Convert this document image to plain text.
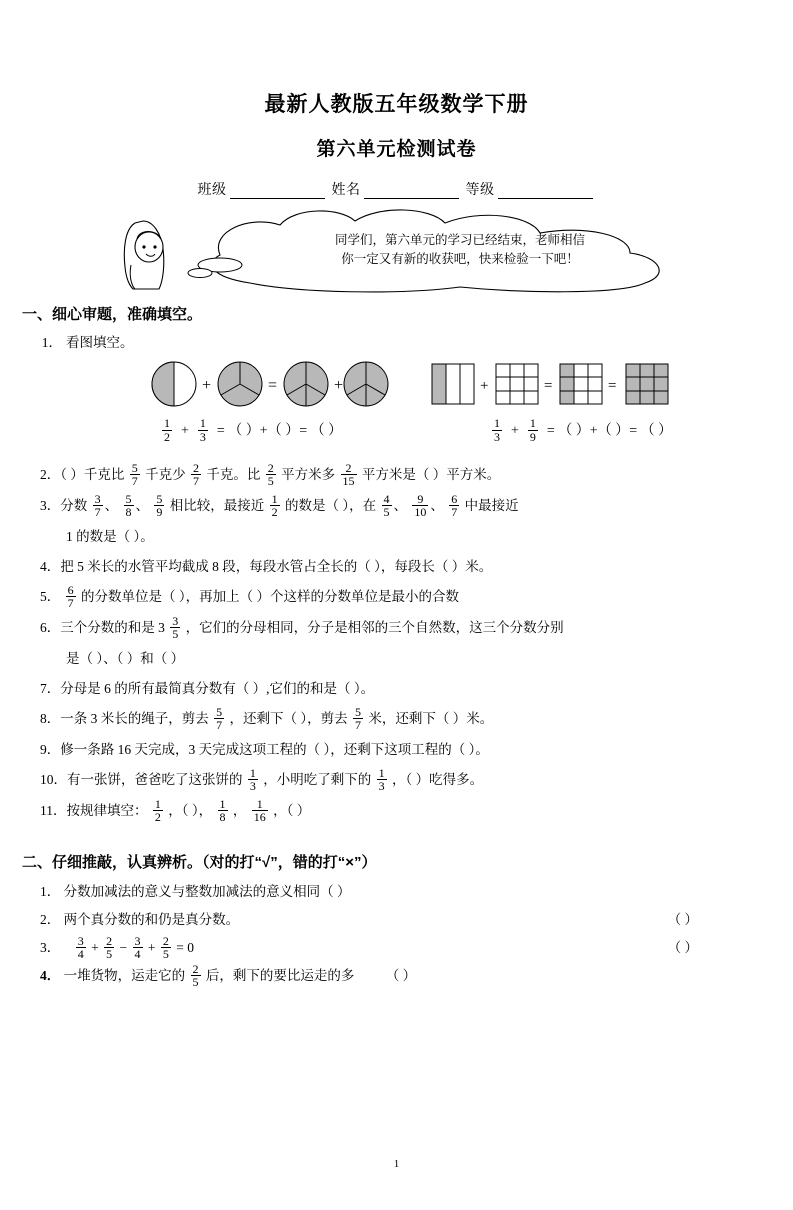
最新人教版五年级数学下册
第六单元检测试卷
班级	姓名	等级
同学们，第六单元的学习已经结束，老师相信
你一定又有新的收获吧，快来检验一下吧！
一、细心审题，准确填空。
1． 看图填空。
+	=	+	+	=	=
$\frac{1}{2} + \frac{1}{3}$ = （ ）+（ ）= （ ）	$\frac{1}{3} + \frac{1}{9}$ = （ ）+（ ）= （ ）
2．（ ）千克比 $\frac{5}{7}$ 千克少 $\frac{2}{7}$ 千克。比 $\frac{2}{5}$ 平方米多 $\frac{2}{15}$ 平方米是（ ）平方米。
3．分数 $\frac{3}{7}$ 、 $\frac{5}{8}$ 、 $\frac{5}{9}$ 相比较，最接近 $\frac{1}{2}$ 的数是（ ），在 $\frac{4}{5}$ 、 $\frac{9}{10}$ 、 $\frac{6}{7}$ 中最接近
1 的数是（ ）。
4．把 5 米长的水管平均截成 8 段，每段水管占全长的（ ），每段长（ ）米。
5． $\frac{6}{7}$ 的分数单位是（ ），再加上（ ）个这样的分数单位是最小的合数
6．三个分数的和是 $3 \frac{3}{5}$ ，它们的分母相同，分子是相邻的三个自然数，这三个分数分别
是（ ）、（ ）和（ ）
7．分母是 6 的所有最简真分数有（ ）,它们的和是（ ）。
8．一条 3 米长的绳子，剪去 $\frac{5}{7}$ ，还剩下（ ），剪去 $\frac{5}{7}$ 米，还剩下（ ）米。
9．修一条路 16 天完成，3 天完成这项工程的（ ），还剩下这项工程的（ ）。
10．有一张饼，爸爸吃了这张饼的 $\frac{1}{3}$ ，小明吃了剩下的 $\frac{1}{3}$ ，（ ）吃得多。
11．按规律填空： $\frac{1}{2}$ ，（ ）， $\frac{1}{8}$ ， $\frac{1}{16}$ ，（ ）
二、仔细推敲，认真辨析。（对的打“√”，错的打“×”）
1． 分数加减法的意义与整数加减法的意义相同（ ）
2． 两个真分数的和仍是真分数。	（ ）
3． $\frac{3}{4} + \frac{2}{5} - \frac{3}{4} + \frac{2}{5} = 0$	（ ）
4． 一堆货物，运走它的 $\frac{2}{5}$ 后，剩下的要比运走的多 （ ）
1
